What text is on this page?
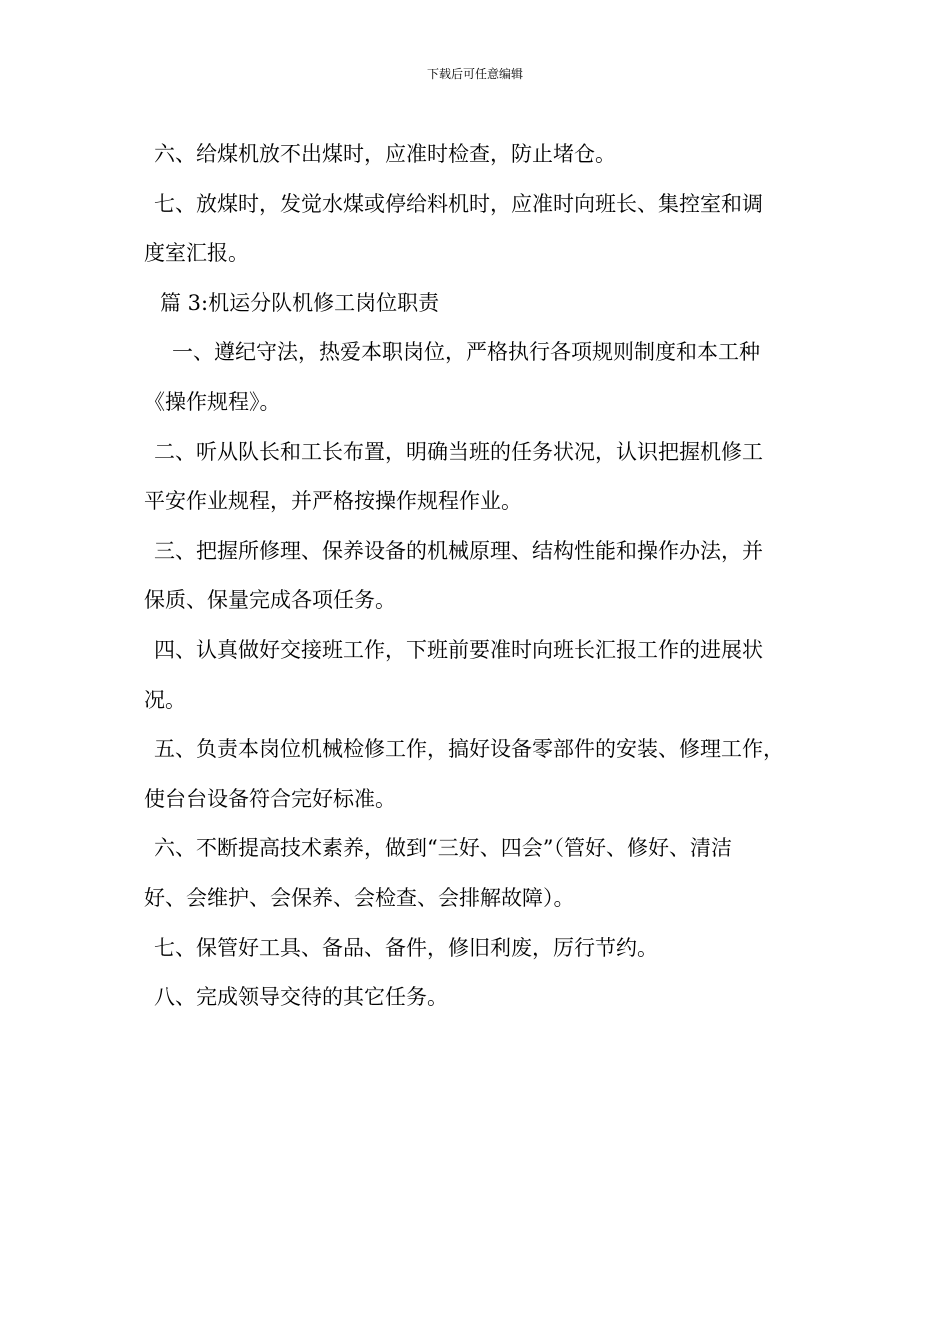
下载后可任意编辑
六、给煤机放不出煤时，应准时检查，防止堵仓。
七、放煤时，发觉水煤或停给料机时，应准时向班长、集控室和调
度室汇报。
篇 3:机运分队机修工岗位职责
一、遵纪守法，热爱本职岗位，严格执行各项规则制度和本工种
《操作规程》。
二、听从队长和工长布置，明确当班的任务状况，认识把握机修工
平安作业规程，并严格按操作规程作业。
三、把握所修理、保养设备的机械原理、结构性能和操作办法，并
保质、保量完成各项任务。
四、认真做好交接班工作，下班前要准时向班长汇报工作的进展状
况。
五、负责本岗位机械检修工作，搞好设备零部件的安装、修理工作，
使台台设备符合完好标准。
六、不断提高技术素养，做到“三好、四会”（管好、修好、清洁
好、会维护、会保养、会检查、会排解故障）。
七、保管好工具、备品、备件，修旧利废，厉行节约。
八、完成领导交待的其它任务。
